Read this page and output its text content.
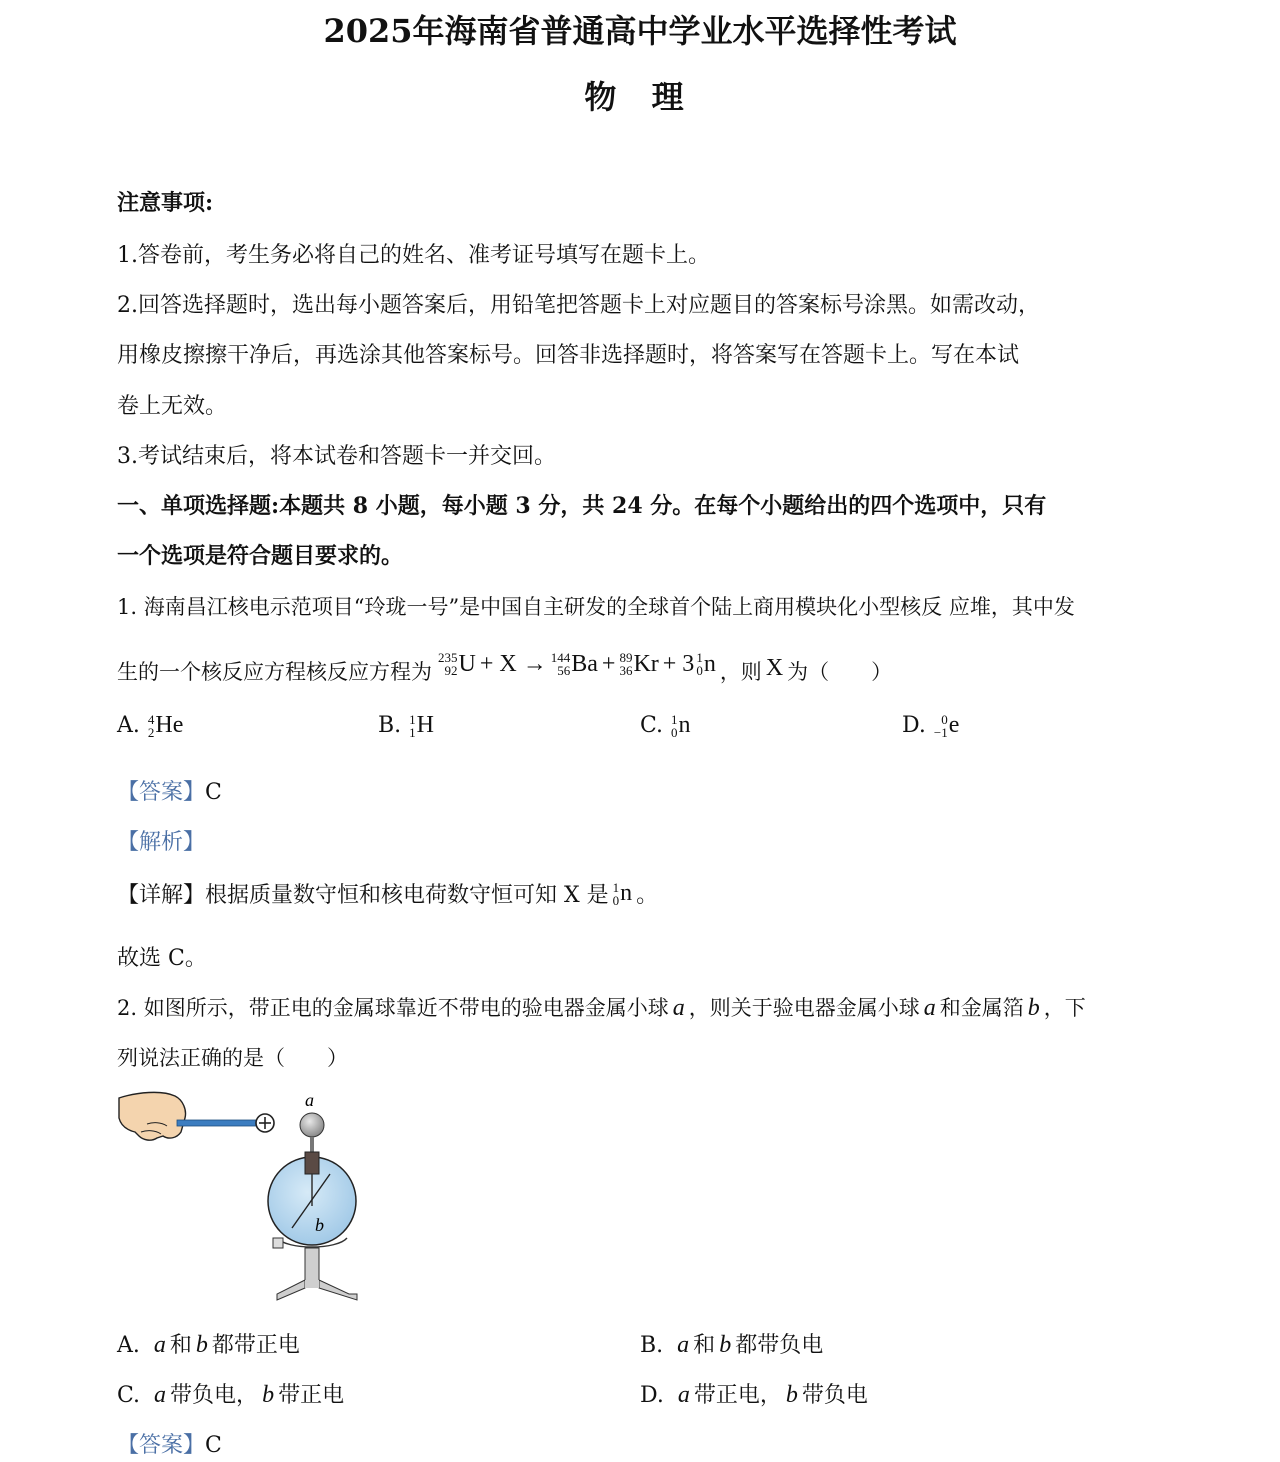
2025年海南省普通高中学业水平选择性考试
物 理
注意事项:
1.答卷前，考生务必将自己的姓名、准考证号填写在题卡上。
2.回答选择题时，选出每小题答案后，用铅笔把答题卡上对应题目的答案标号涂黑。如需改动，
用橡皮擦擦干净后，再选涂其他答案标号。回答非选择题时，将答案写在答题卡上。写在本试
卷上无效。
3.考试结束后，将本试卷和答题卡一并交回。
一、单项选择题:本题共 8 小题，每小题 3 分，共 24 分。在每个小题给出的四个选项中，只有
一个选项是符合题目要求的。
1. 海南昌江核电示范项目“玲珑一号”是中国自主研发的全球首个陆上商用模块化小型核反 应堆，其中发
生的一个核反应方程核反应方程为
235
92 U + X → 144
56 Ba + 89
36 Kr + 3 1
0 n ，则 X 为（　　）
A. 4
2 He	B. 1
1 H	C. 1
0 n	D. 0
−1 e
【答案】C
【解析】
【详解】 根据质量数守恒和核电荷数守恒可知 X 是 1
0 n 。
故选 C。
2. 如图所示，带正电的金属球靠近不带电的验电器金属小球 a ，则关于验电器金属小球 a 和金属箔 b ，下
列说法正确的是（　　）
a
b
A. a 和 b 都带正电	B. a 和 b 都带负电
C. a 带负电， b 带正电	D. a 带正电， b 带负电
【答案】C
